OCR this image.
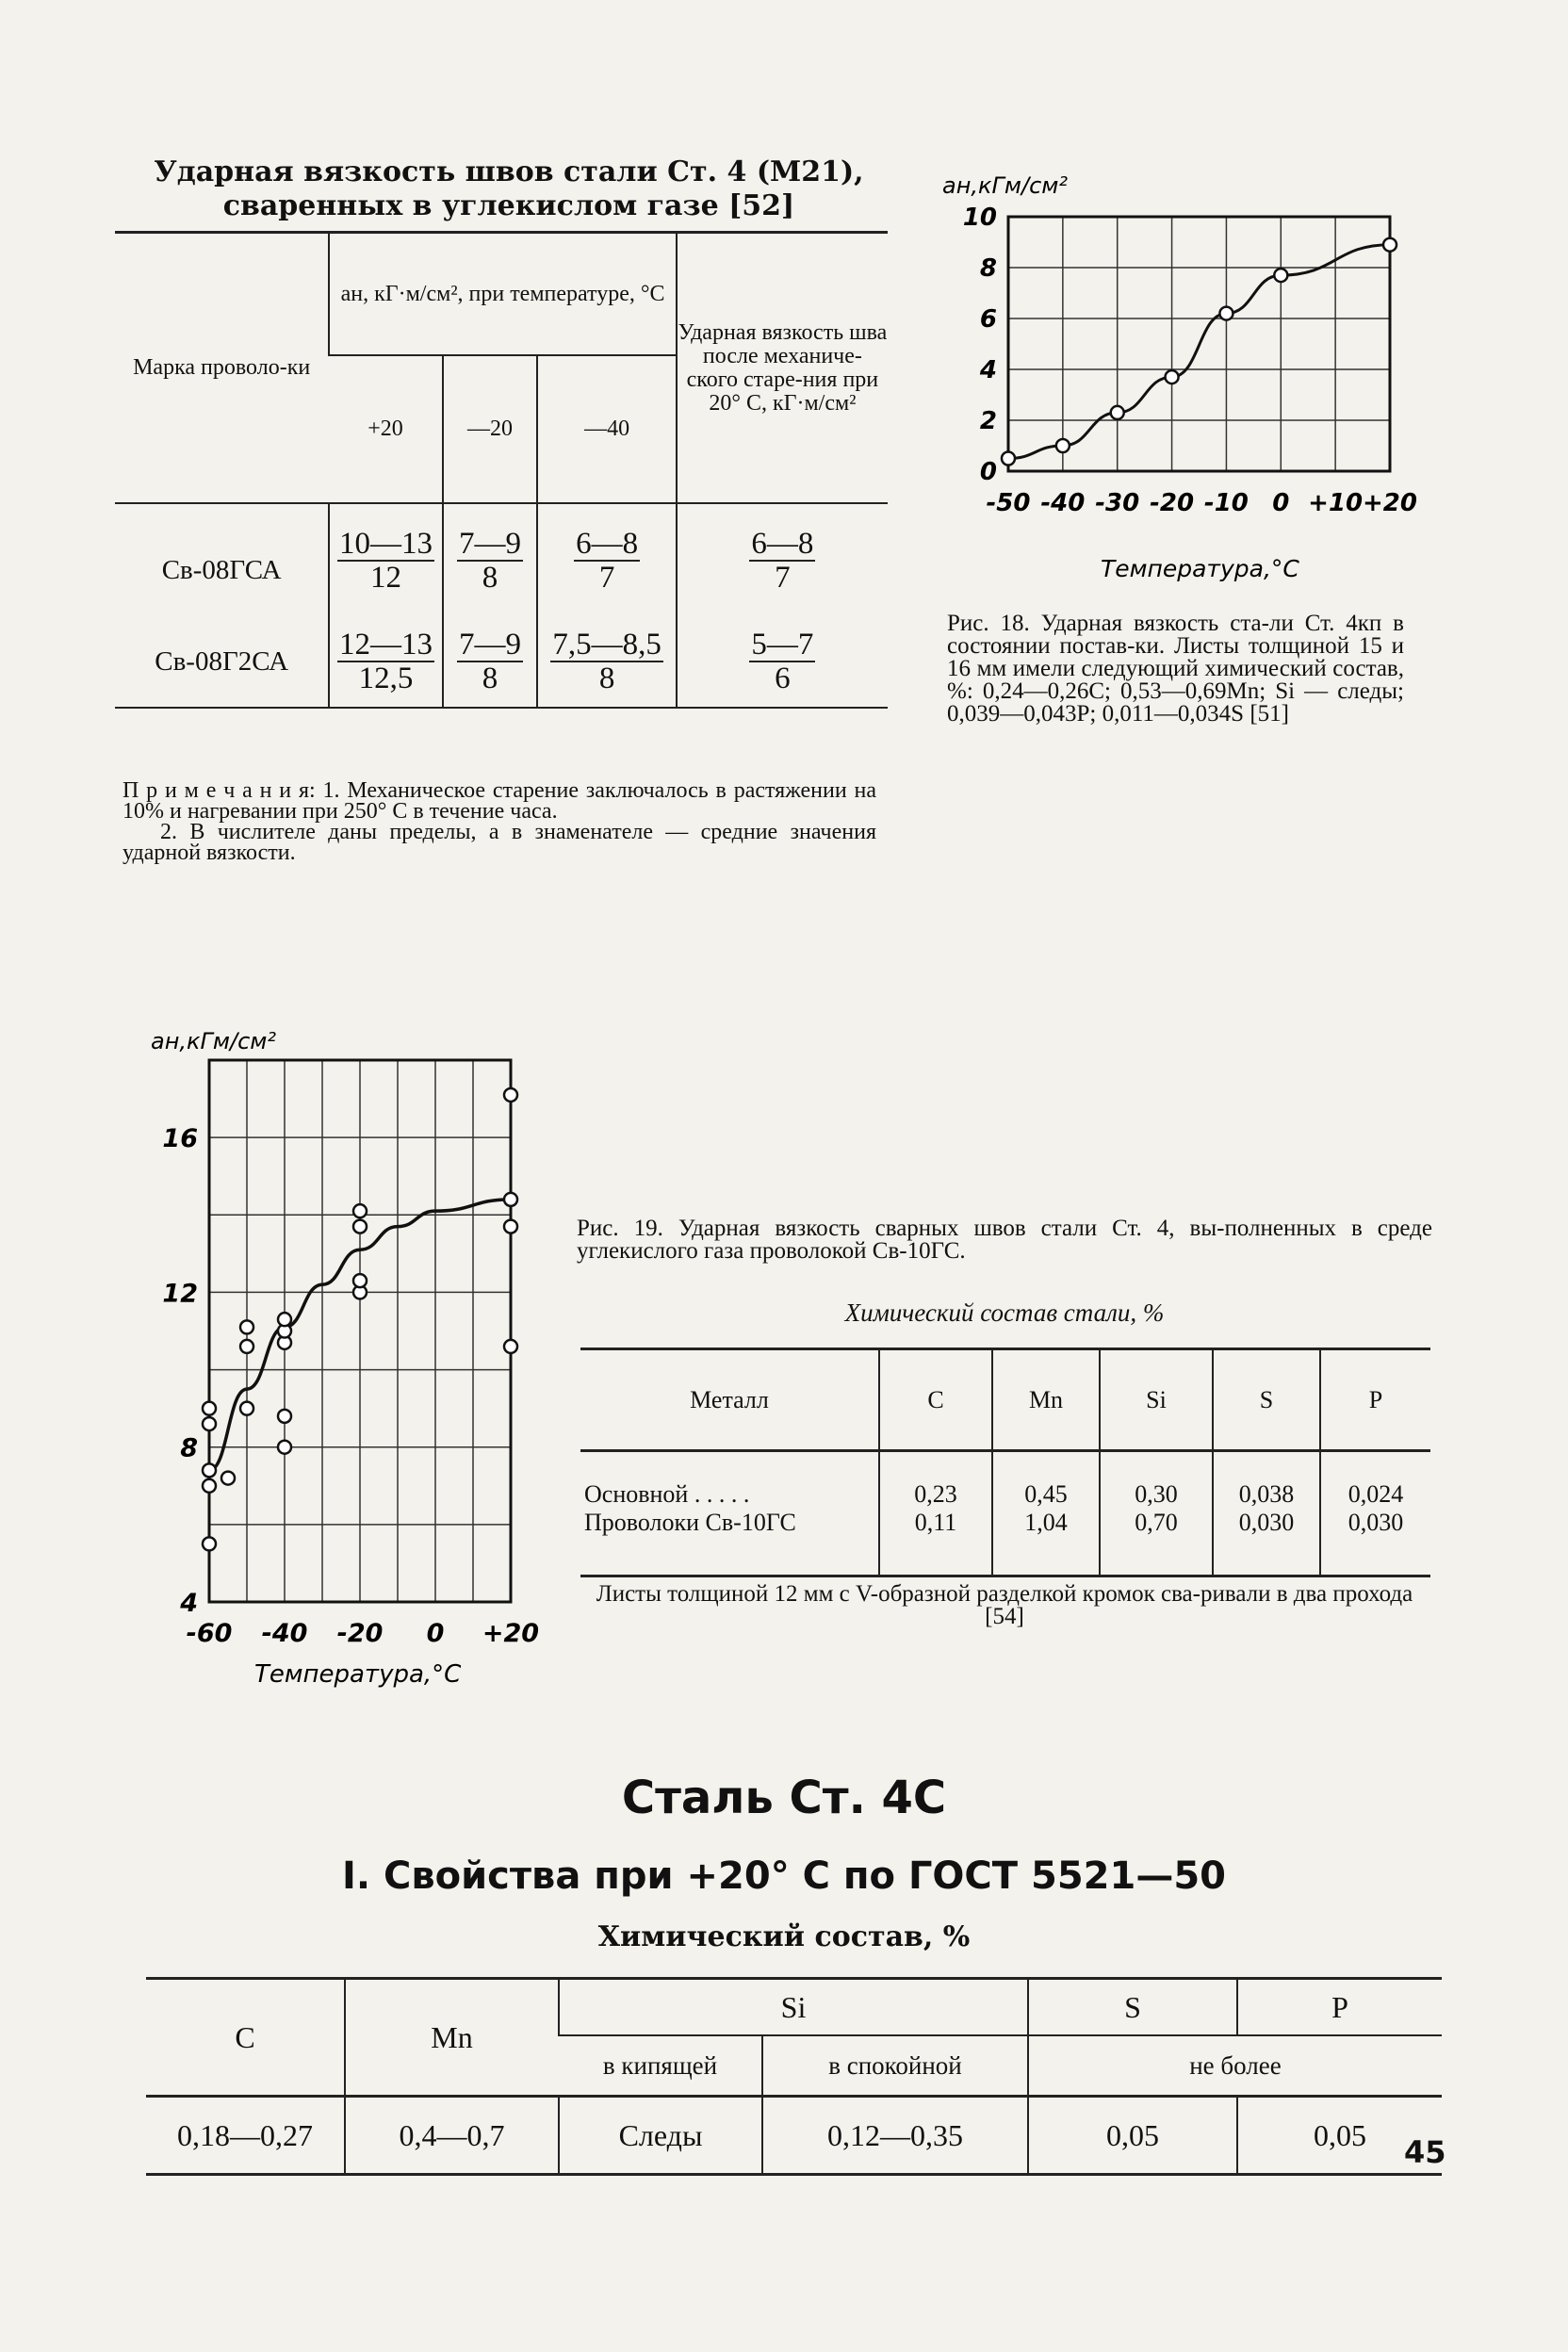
Ударная вязкость швов стали Ст. 4 (М21),
сваренных в углекислом газе [52]
Марка проволо-ки	aн, кГ·м/см², при температуре, °C			Ударная вязкость шва после механиче-ского старе-ния при 20° C, кГ·м/см²
	+20	—20	—40	
Св-08ГСА	$\frac{10—13}{12}$	$\frac{7—9}{8}$	$\frac{6—8}{7}$	$\frac{6—8}{7}$

Св-08Г2СА	$\frac{12—13}{12,5}$	$\frac{7—9}{8}$	$\frac{7,5—8,5}{8}$	$\frac{5—7}{6}$
П р и м е ч а н и я: 1. Механическое старение заключалось в растяжении на 10% и нагревании при 250° C в течение часа.
2. В числителе даны пределы, а в знаменателе — средние значения ударной вязкости.
0
2
4
6
8
10
-50 -40 -30 -20 -10 0 +10 +20
aн,кГм/см²
Температура,°C
Рис. 18. Ударная вязкость ста-ли Ст. 4кп в состоянии постав-ки. Листы толщиной 15 и 16 мм имели следующий химический состав, %: 0,24—0,26C; 0,53—0,69Mn; Si — следы; 0,039—0,043P; 0,011—0,034S [51]
4
8
12
16
-60 -40 -20 0 +20
aн,кГм/см²
Температура,°C
Рис. 19. Ударная вязкость сварных швов стали Ст. 4, вы-полненных в среде углекислого газа проволокой Св-10ГС.
Химический состав стали, %
Металл	C	Mn	Si	S	P
Основной . . . . .	0,23	0,45	0,30	0,038	0,024
Проволоки Св-10ГС	0,11	1,04	0,70	0,030	0,030
Листы толщиной 12 мм с V-образной разделкой кромок сва-ривали в два прохода [54]
Сталь Ст. 4С
I. Свойства при +20° С по ГОСТ 5521—50
Химический состав, %
C	Mn	Si		S	P
		в кипящей	в спокойной	не более	
0,18—0,27	0,4—0,7	Следы	0,12—0,35	0,05	0,05 45
